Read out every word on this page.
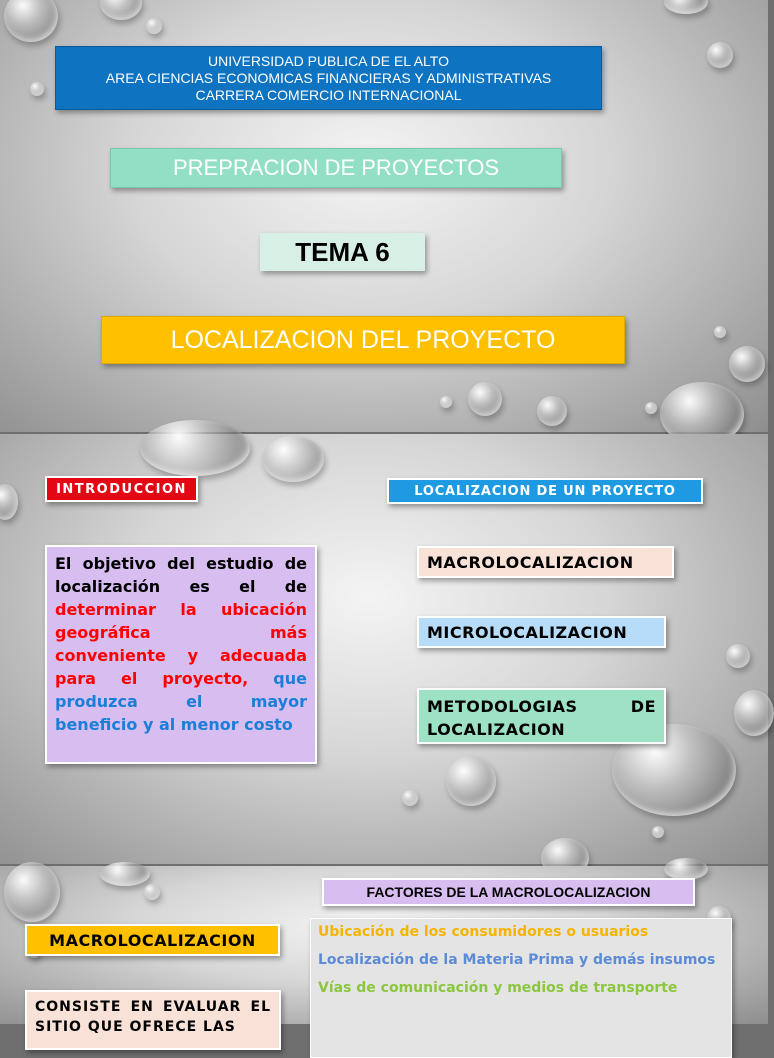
UNIVERSIDAD PUBLICA DE EL ALTO
AREA CIENCIAS ECONOMICAS FINANCIERAS Y ADMINISTRATIVAS
CARRERA COMERCIO INTERNACIONAL
PREPRACION DE PROYECTOS
TEMA 6
LOCALIZACION DEL PROYECTO
INTRODUCCION	LOCALIZACION DE UN PROYECTO
El objetivo del estudio de localización es el de determinar la ubicación geográfica más conveniente y adecuada para el proyecto, que produzca el mayor beneficio y al menor costo
MACROLOCALIZACION
MICROLOCALIZACION
METODOLOGIAS DE
LOCALIZACION
FACTORES DE LA MACROLOCALIZACION
MACROLOCALIZACION
CONSISTE EN EVALUAR EL SITIO QUE OFRECE LAS
Ubicación de los consumidores o usuarios
Localización de la Materia Prima y demás insumos
Vías de comunicación y medios de transporte
